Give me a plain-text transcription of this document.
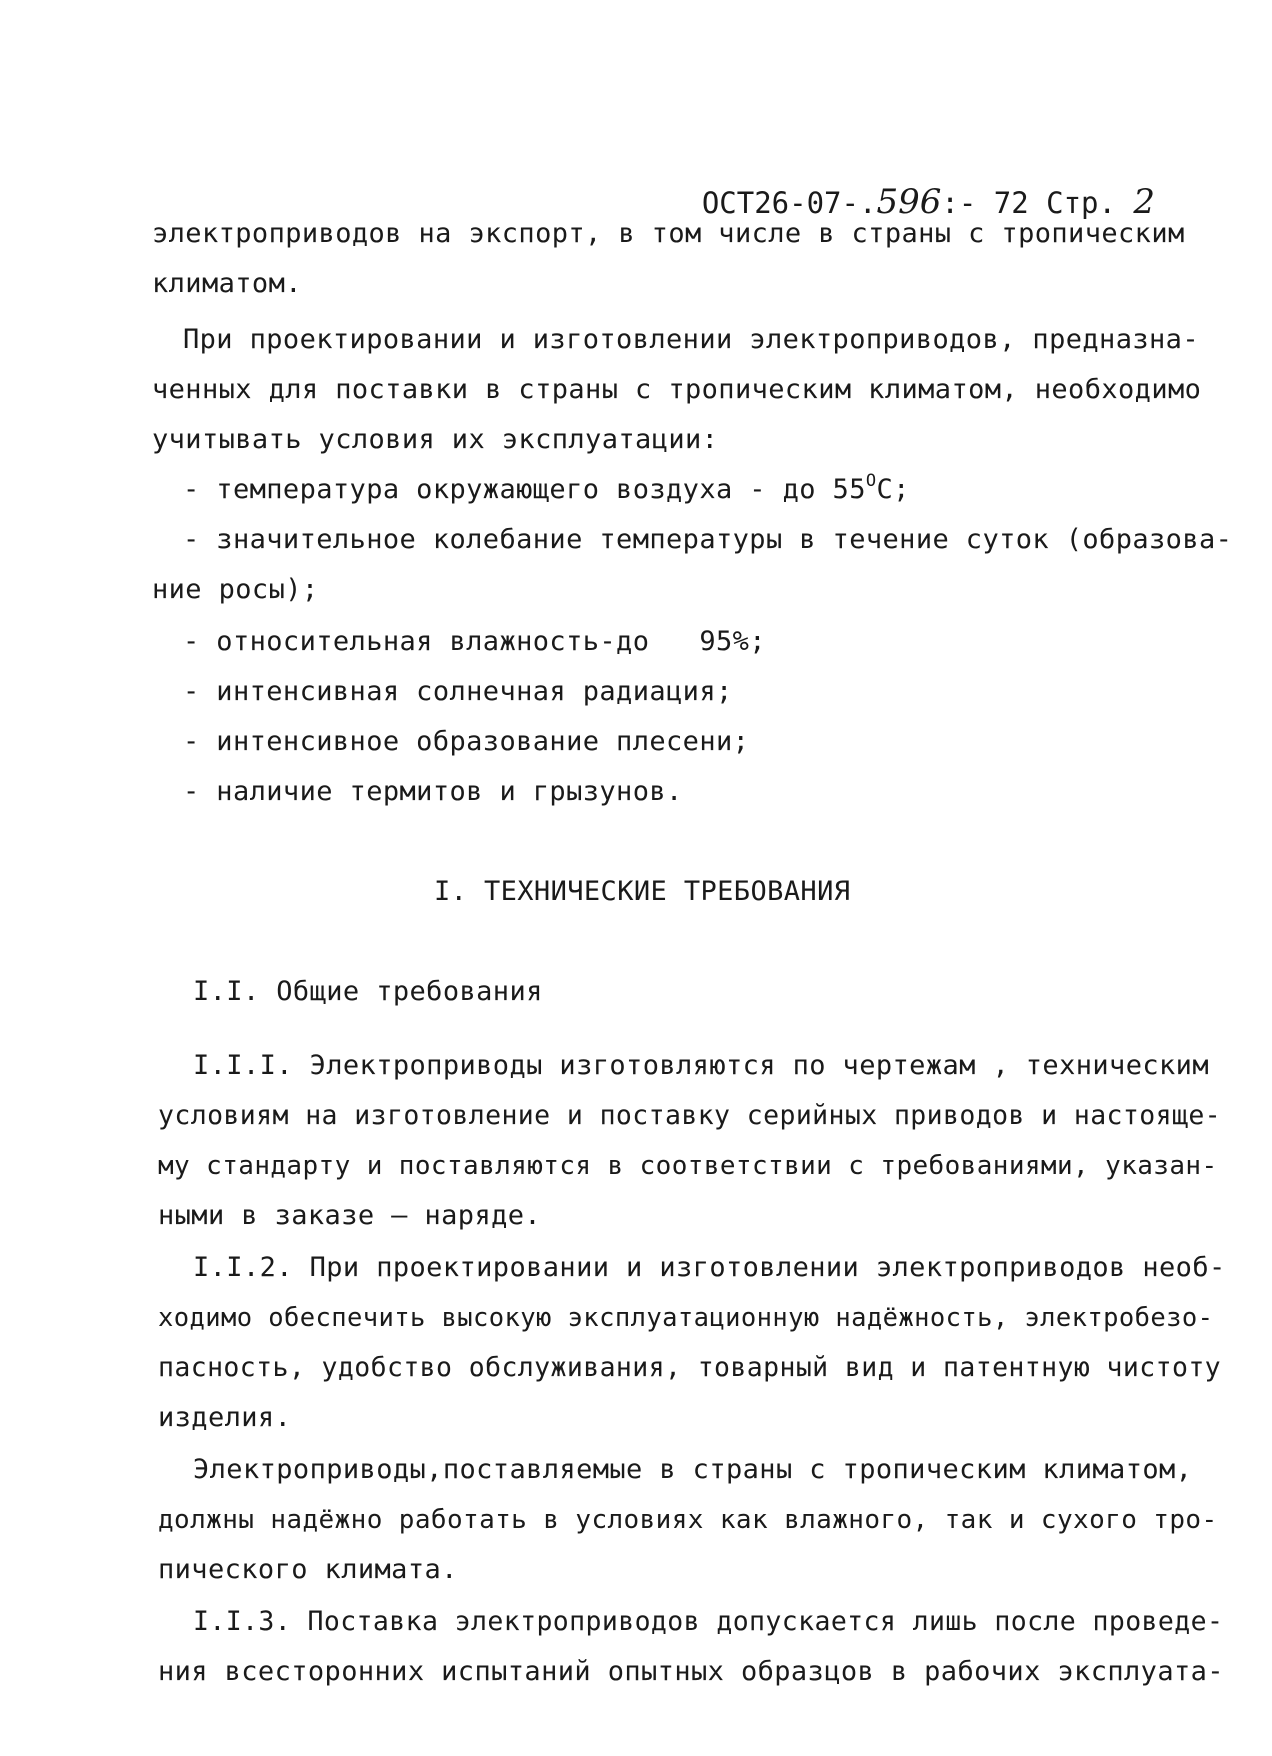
ОСТ26-07-.596:- 72 Стр. 2

электроприводов на экспорт, в том числе в страны с тропическим
климатом.
При проектировании и изготовлении электроприводов, предназна-
ченных для поставки в страны с тропическим климатом, необходимо
учитывать условия их эксплуатации:
- температура окружающего воздуха - до $55^OC$;
- значительное колебание температуры в течение суток (образова-
ние росы);
- относительная влажность-до   95%;
- интенсивная солнечная радиация;
- интенсивное образование плесени;
- наличие термитов и грызунов.
I. ТЕХНИЧЕСКИЕ ТРЕБОВАНИЯ
I.I. Общие требования
I.I.I. Электроприводы изготовляются по чертежам , техническим
условиям на изготовление и поставку серийных приводов и настояще-
му стандарту и поставляются в соответствии с требованиями, указан-
ными в заказе — наряде.
I.I.2. При проектировании и изготовлении электроприводов необ-
ходимо обеспечить высокую эксплуатационную надёжность, электробезо-
пасность, удобство обслуживания, товарный вид и патентную чистоту
изделия.
Электроприводы,поставляемые в страны с тропическим климатом,
должны надёжно работать в условиях как влажного, так и сухого тро-
пического климата.
I.I.3. Поставка электроприводов допускается лишь после проведе-
ния всесторонних испытаний опытных образцов в рабочих эксплуата-
